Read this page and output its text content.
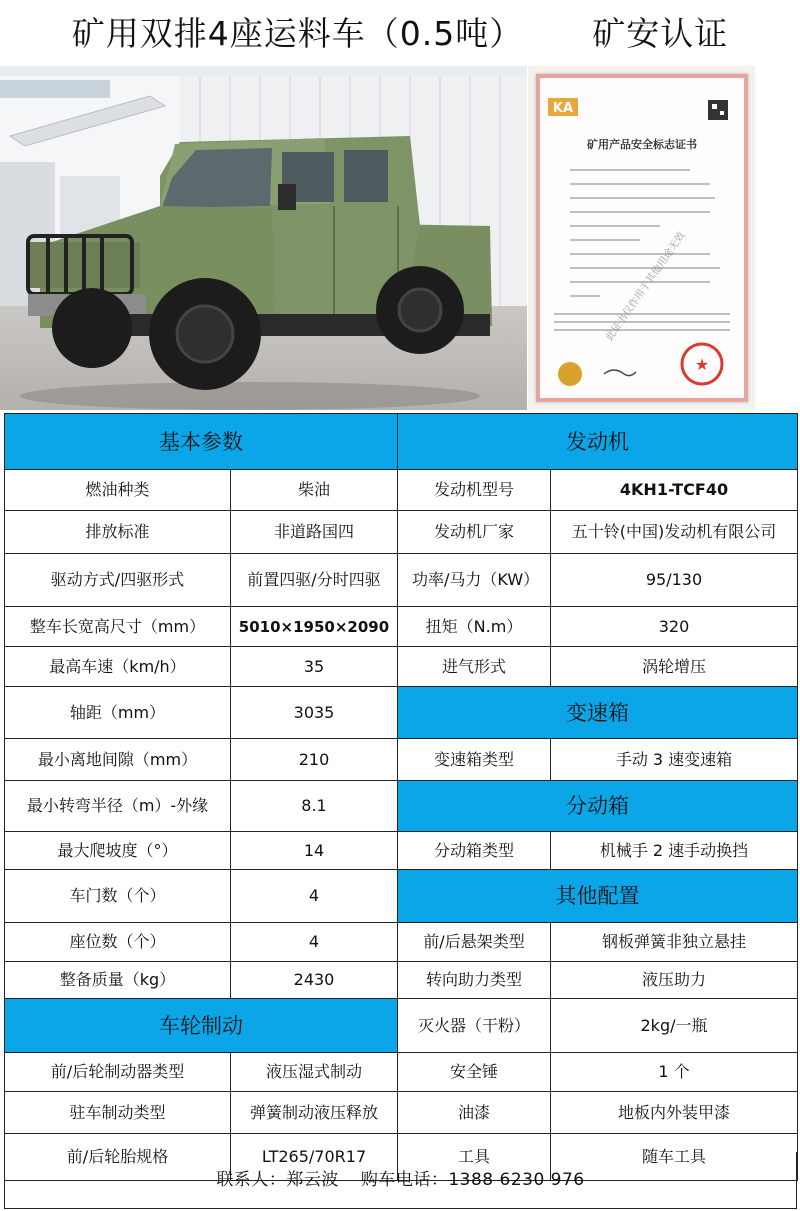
矿用双排4座运料车（0.5吨）      矿安认证
KA
矿用产品安全标志证书
此证书仅作用于其他用途无效
★
基本参数		发动机	
燃油种类	柴油	发动机型号	4KH1-TCF40
排放标准	非道路国四	发动机厂家	五十铃(中国)发动机有限公司
驱动方式/四驱形式	前置四驱/分时四驱	功率/马力（KW）	95/130
整车长宽高尺寸（mm）	5010×1950×2090	扭矩（N.m）	320
最高车速（km/h）	35	进气形式	涡轮增压
轴距（mm）	3035	变速箱	
最小离地间隙（mm）	210	变速箱类型	手动 3 速变速箱
最小转弯半径（m）-外缘	8.1	分动箱	
最大爬坡度（°）	14	分动箱类型	机械手 2 速手动换挡
车门数（个）	4	其他配置	
座位数（个）	4	前/后悬架类型	钢板弹簧非独立悬挂
整备质量（kg）	2430	转向助力类型	液压助力
车轮制动		灭火器（干粉）	2kg/一瓶
前/后轮制动器类型	液压湿式制动	安全锤	1 个
驻车制动类型	弹簧制动液压释放	油漆	地板内外装甲漆
前/后轮胎规格	LT265/70R17	工具	随车工具
联系人：郑云波 购车电话：1388 6230 976
